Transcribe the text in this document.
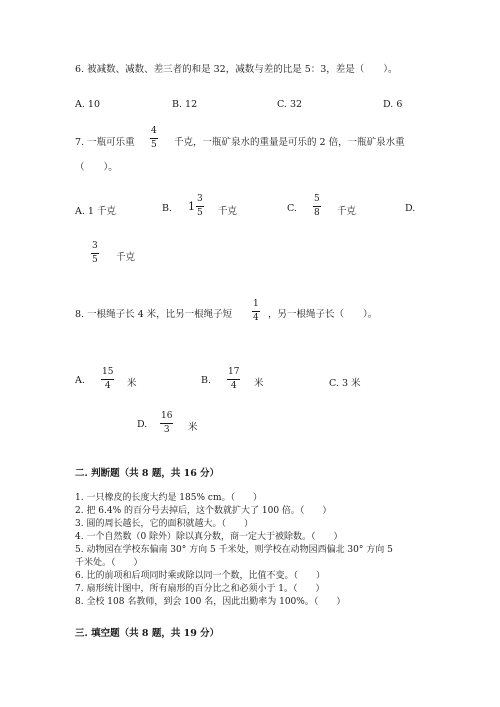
6. 被减数、减数、差三者的和是 32，减数与差的比是 5：3，差是（　　）。
A. 10	B. 12	C. 32	D. 6
7. 一瓶可乐重
4
5 千克，一瓶矿泉水的重量是可乐的 2 倍，一瓶矿泉水重
（　　）。
A. 1 千克	B. $1 \frac{3}{5}$ 千克	C.
5
8 千克	D.
3
5 千克
8. 一根绳子长 4 米，比另一根绳子短
1
4 ，另一根绳子长（　　）。
A.
15
4 米	B.
17
4 米	C. 3 米
D.
16
3 米
二. 判断题（共 8 题，共 16 分）
1. 一只橡皮的长度大约是 185% cm。（　　）
2. 把 6.4% 的百分号去掉后，这个数就扩大了 100 倍。（　　）
3. 圆的周长越长，它的面积就越大。（　　）
4. 一个自然数（0 除外）除以真分数，商一定大于被除数。（　　）
5. 动物园在学校东偏南 30° 方向 5 千米处，则学校在动物园西偏北 30° 方向 5
千米处。（　　）
6. 比的前项和后项同时乘或除以同一个数，比值不变。（　　）
7. 扇形统计图中，所有扇形的百分比之和必须小于 1。（　　）
8. 全校 108 名教师，到会 100 名，因此出勤率为 100%。（　　）
三. 填空题（共 8 题，共 19 分）
